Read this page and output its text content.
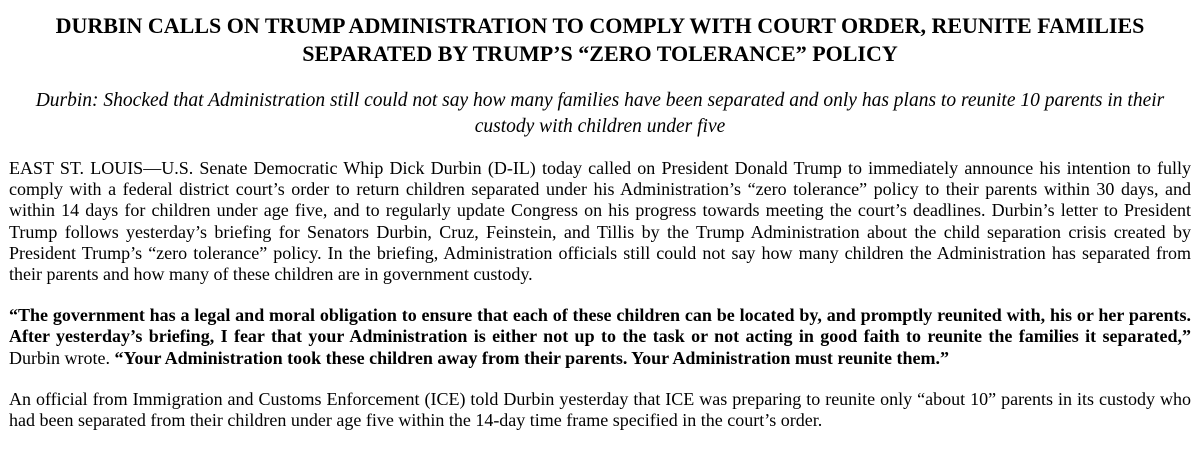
DURBIN CALLS ON TRUMP ADMINISTRATION TO COMPLY WITH COURT ORDER, REUNITE FAMILIES SEPARATED BY TRUMP’S “ZERO TOLERANCE” POLICY
Durbin: Shocked that Administration still could not say how many families have been separated and only has plans to reunite 10 parents in their custody with children under five

EAST ST. LOUIS—U.S. Senate Democratic Whip Dick Durbin (D-IL) today called on President Donald Trump to immediately announce his intention to fully comply with a federal district court’s order to return children separated under his Administration’s “zero tolerance” policy to their parents within 30 days, and within 14 days for children under age five, and to regularly update Congress on his progress towards meeting the court’s deadlines. Durbin’s letter to President Trump follows yesterday’s briefing for Senators Durbin, Cruz, Feinstein, and Tillis by the Trump Administration about the child separation crisis created by President Trump’s “zero tolerance” policy. In the briefing, Administration officials still could not say how many children the Administration has separated from their parents and how many of these children are in government custody.

“The government has a legal and moral obligation to ensure that each of these children can be located by, and promptly reunited with, his or her parents. After yesterday’s briefing, I fear that your Administration is either not up to the task or not acting in good faith to reunite the families it separated,” Durbin wrote. “Your Administration took these children away from their parents. Your Administration must reunite them.”

An official from Immigration and Customs Enforcement (ICE) told Durbin yesterday that ICE was preparing to reunite only “about 10” parents in its custody who had been separated from their children under age five within the 14-day time frame specified in the court’s order.
